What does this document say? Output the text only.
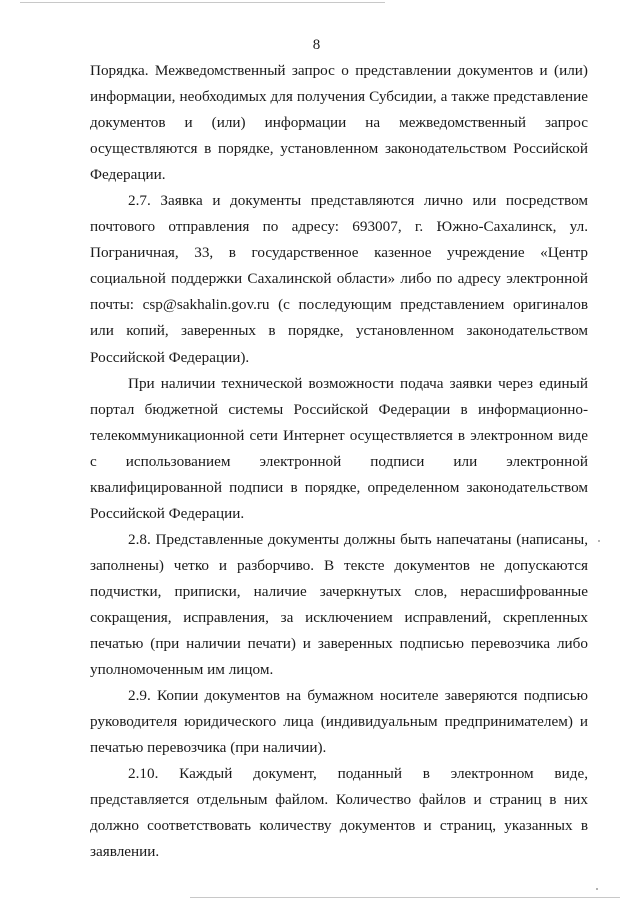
8

Порядка. Межведомственный запрос о представлении документов и (или) информации, необходимых для получения Субсидии, а также представление документов и (или) информации на межведомственный запрос осуществляются в порядке, установленном законодательством Российской Федерации.

2.7. Заявка и документы представляются лично или посредством почтового отправления по адресу: 693007, г. Южно-Сахалинск, ул. Пограничная, 33, в государственное казенное учреждение «Центр социальной поддержки Сахалинской области» либо по адресу электронной почты: csp@sakhalin.gov.ru (с последующим представлением оригиналов или копий, заверенных в порядке, установленном законодательством Российской Федерации).

При наличии технической возможности подача заявки через единый портал бюджетной системы Российской Федерации в информационно-телекоммуникационной сети Интернет осуществляется в электронном виде с использованием электронной подписи или электронной квалифицированной подписи в порядке, определенном законодательством Российской Федерации.

2.8. Представленные документы должны быть напечатаны (написаны, заполнены) четко и разборчиво. В тексте документов не допускаются подчистки, приписки, наличие зачеркнутых слов, нерасшифрованные сокращения, исправления, за исключением исправлений, скрепленных печатью (при наличии печати) и заверенных подписью перевозчика либо уполномоченным им лицом.

2.9. Копии документов на бумажном носителе заверяются подписью руководителя юридического лица (индивидуальным предпринимателем) и печатью перевозчика (при наличии).

2.10. Каждый документ, поданный в электронном виде, представляется отдельным файлом. Количество файлов и страниц в них должно соответствовать количеству документов и страниц, указанных в заявлении.
